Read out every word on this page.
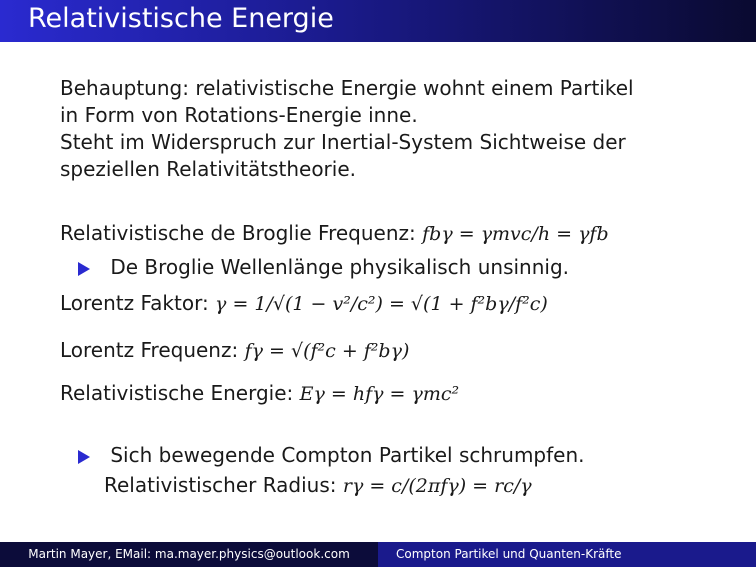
Relativistische Energie
Behauptung: relativistische Energie wohnt einem Partikel
in Form von Rotations-Energie inne.
Steht im Widerspruch zur Inertial-System Sichtweise der
speziellen Relativitätstheorie.
Relativistische de Broglie Frequenz: fbγ = γmvc/h = γfb
De Broglie Wellenlänge physikalisch unsinnig.
Lorentz Faktor: γ = 1/√(1 − v²/c²) = √(1 + f²bγ/f²c)
Lorentz Frequenz: fγ = √(f²c + f²bγ)
Relativistische Energie: Eγ = hfγ = γmc²
Sich bewegende Compton Partikel schrumpfen.
Relativistischer Radius: rγ = c/(2πfγ) = rc/γ
Martin Mayer, EMail: ma.mayer.physics@outlook.com	Compton Partikel und Quanten-Kräfte
